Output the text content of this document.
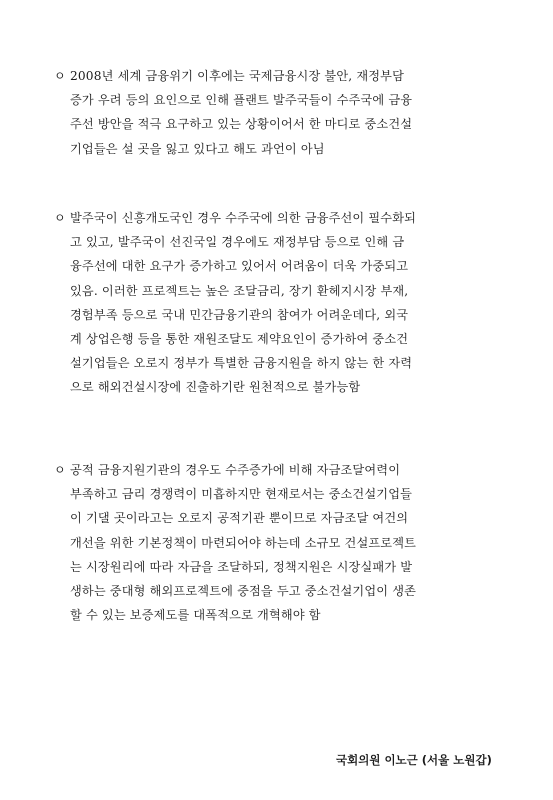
ㅇ 2008년 세계 금융위기 이후에는 국제금융시장 불안, 재정부담
증가 우려 등의 요인으로 인해 플랜트 발주국들이 수주국에 금융
주선 방안을 적극 요구하고 있는 상황이어서 한 마디로 중소건설
기업들은 설 곳을 잃고 있다고 해도 과언이 아님
ㅇ 발주국이 신흥개도국인 경우 수주국에 의한 금융주선이 필수화되
고 있고, 발주국이 선진국일 경우에도 재정부담 등으로 인해 금
융주선에 대한 요구가 증가하고 있어서 어려움이 더욱 가중되고
있음. 이러한 프로젝트는 높은 조달금리, 장기 환헤지시장 부재,
경험부족 등으로 국내 민간금융기관의 참여가 어려운데다, 외국
계 상업은행 등을 통한 재원조달도 제약요인이 증가하여 중소건
설기업들은 오로지 정부가 특별한 금융지원을 하지 않는 한 자력
으로 해외건설시장에 진출하기란 원천적으로 불가능함
ㅇ 공적 금융지원기관의 경우도 수주증가에 비해 자금조달여력이
부족하고 금리 경쟁력이 미흡하지만 현재로서는 중소건설기업들
이 기댈 곳이라고는 오로지 공적기관 뿐이므로 자금조달 여건의
개선을 위한 기본정책이 마련되어야 하는데 소규모 건설프로젝트
는 시장원리에 따라 자금을 조달하되, 정책지원은 시장실패가 발
생하는 중대형 해외프로젝트에 중점을 두고 중소건설기업이 생존
할 수 있는 보증제도를 대폭적으로 개혁해야 함
국회의원 이노근 (서울 노원갑)
